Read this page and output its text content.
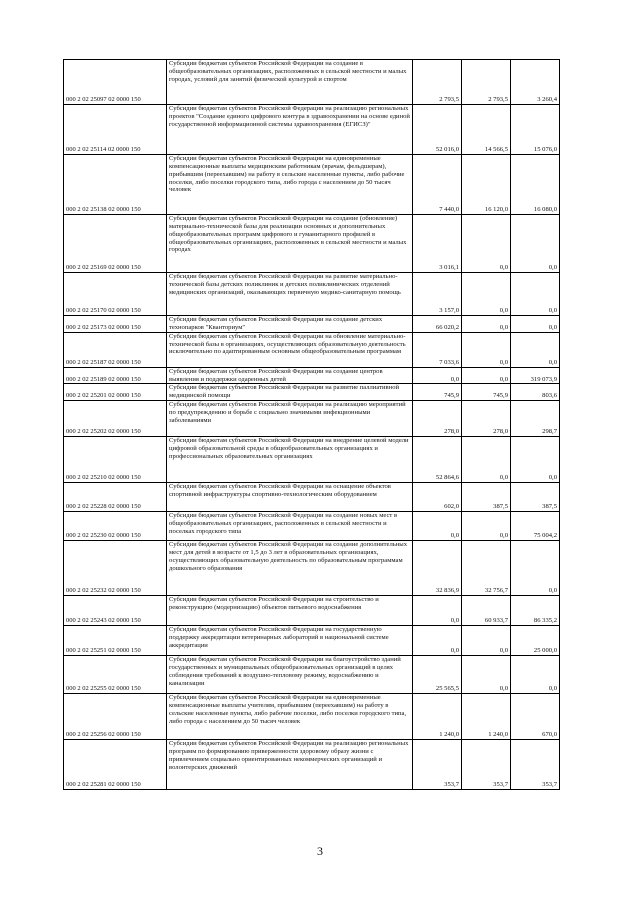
000 2 02 25097 02 0000 150	Субсидии бюджетам субъектов Российской Федерации на создание в общеобразовательных организациях, расположенных в сельской местности и малых городах, условий для занятий физической культурой и спортом	2 793,5	2 793,5	3 260,4
000 2 02 25114 02 0000 150	Субсидии бюджетам субъектов Российской Федерации на реализацию региональных проектов "Создание единого цифрового контура в здравоохранении на основе единой государственной информационной системы здравоохранения (ЕГИСЗ)"	52 016,0	14 566,5	15 076,0
000 2 02 25138 02 0000 150	Субсидии бюджетам субъектов Российской Федерации на единовременные компенсационные выплаты медицинским работникам (врачам, фельдшерам), прибывшим (переехавшим) на работу в сельские населенные пункты, либо рабочие поселки, либо поселки городского типа, либо города с населением до 50 тысяч человек	7 440,0	16 120,0	16 080,0
000 2 02 25169 02 0000 150	Субсидии бюджетам субъектов Российской Федерации на создание (обновление) материально-технической базы для реализации основных и дополнительных общеобразовательных программ цифрового и гуманитарного профилей в общеобразовательных организациях, расположенных в сельской местности и малых городах	3 016,1	0,0	0,0
000 2 02 25170 02 0000 150	Субсидии бюджетам субъектов Российской Федерации на развитие материально-технической базы детских поликлиник и детских поликлинических отделений медицинских организаций, оказывающих первичную медико-санитарную помощь	3 157,0	0,0	0,0
000 2 02 25173 02 0000 150	Субсидии бюджетам субъектов Российской Федерации на создание детских технопарков "Кванториум"	66 020,2	0,0	0,0
000 2 02 25187 02 0000 150	Субсидии бюджетам субъектов Российской Федерации на обновление материально-технической базы в организациях, осуществляющих образовательную деятельность исключительно по адаптированным основным общеобразовательным программам	7 033,6	0,0	0,0
000 2 02 25189 02 0000 150	Субсидии бюджетам субъектов Российской Федерации на создание центров выявления и поддержки одаренных детей	0,0	0,0	319 073,9
000 2 02 25201 02 0000 150	Субсидии бюджетам субъектов Российской Федерации на развитие паллиативной медицинской помощи	745,9	745,9	803,6
000 2 02 25202 02 0000 150	Субсидии бюджетам субъектов Российской Федерации на реализацию мероприятий по предупреждению и борьбе с социально значимыми инфекционными заболеваниями	278,0	278,0	298,7
000 2 02 25210 02 0000 150	Субсидии бюджетам субъектов Российской Федерации на внедрение целевой модели цифровой образовательной среды в общеобразовательных организациях и профессиональных образовательных организациях	52 864,6	0,0	0,0
000 2 02 25228 02 0000 150	Субсидии бюджетам субъектов Российской Федерации на оснащение объектов спортивной инфраструктуры спортивно-технологическим оборудованием	602,0	387,5	387,5
000 2 02 25230 02 0000 150	Субсидии бюджетам субъектов Российской Федерации на создание новых мест в общеобразовательных организациях, расположенных в сельской местности и поселках городского типа	0,0	0,0	75 004,2
000 2 02 25232 02 0000 150	Субсидии бюджетам субъектов Российской Федерации на создание дополнительных мест для детей в возрасте от 1,5 до 3 лет в образовательных организациях, осуществляющих образовательную деятельность по образовательным программам дошкольного образования	32 836,9	32 756,7	0,0
000 2 02 25243 02 0000 150	Субсидии бюджетам субъектов Российской Федерации на строительство и реконструкцию (модернизацию) объектов питьевого водоснабжения	0,0	60 933,7	86 335,2
000 2 02 25251 02 0000 150	Субсидии бюджетам субъектов Российской Федерации на государственную поддержку аккредитации ветеринарных лабораторий в национальной системе аккредитации	0,0	0,0	25 000,0
000 2 02 25255 02 0000 150	Субсидии бюджетам субъектов Российской Федерации на благоустройство зданий государственных и муниципальных общеобразовательных организаций в целях соблюдения требований к воздушно-тепловому режиму, водоснабжению и канализации	25 565,5	0,0	0,0
000 2 02 25256 02 0000 150	Субсидии бюджетам субъектов Российской Федерации на единовременные компенсационные выплаты учителям, прибывшим (переехавшим) на работу в сельские населенные пункты, либо рабочие поселки, либо поселки городского типа, либо города с населением до 50 тысяч человек	1 240,0	1 240,0	670,0
000 2 02 25281 02 0000 150	Субсидии бюджетам субъектов Российской Федерации на реализацию региональных программ по формированию приверженности здоровому образу жизни с привлечением социально ориентированных некоммерческих организаций и волонтерских движений	353,7	353,7	353,7
3
